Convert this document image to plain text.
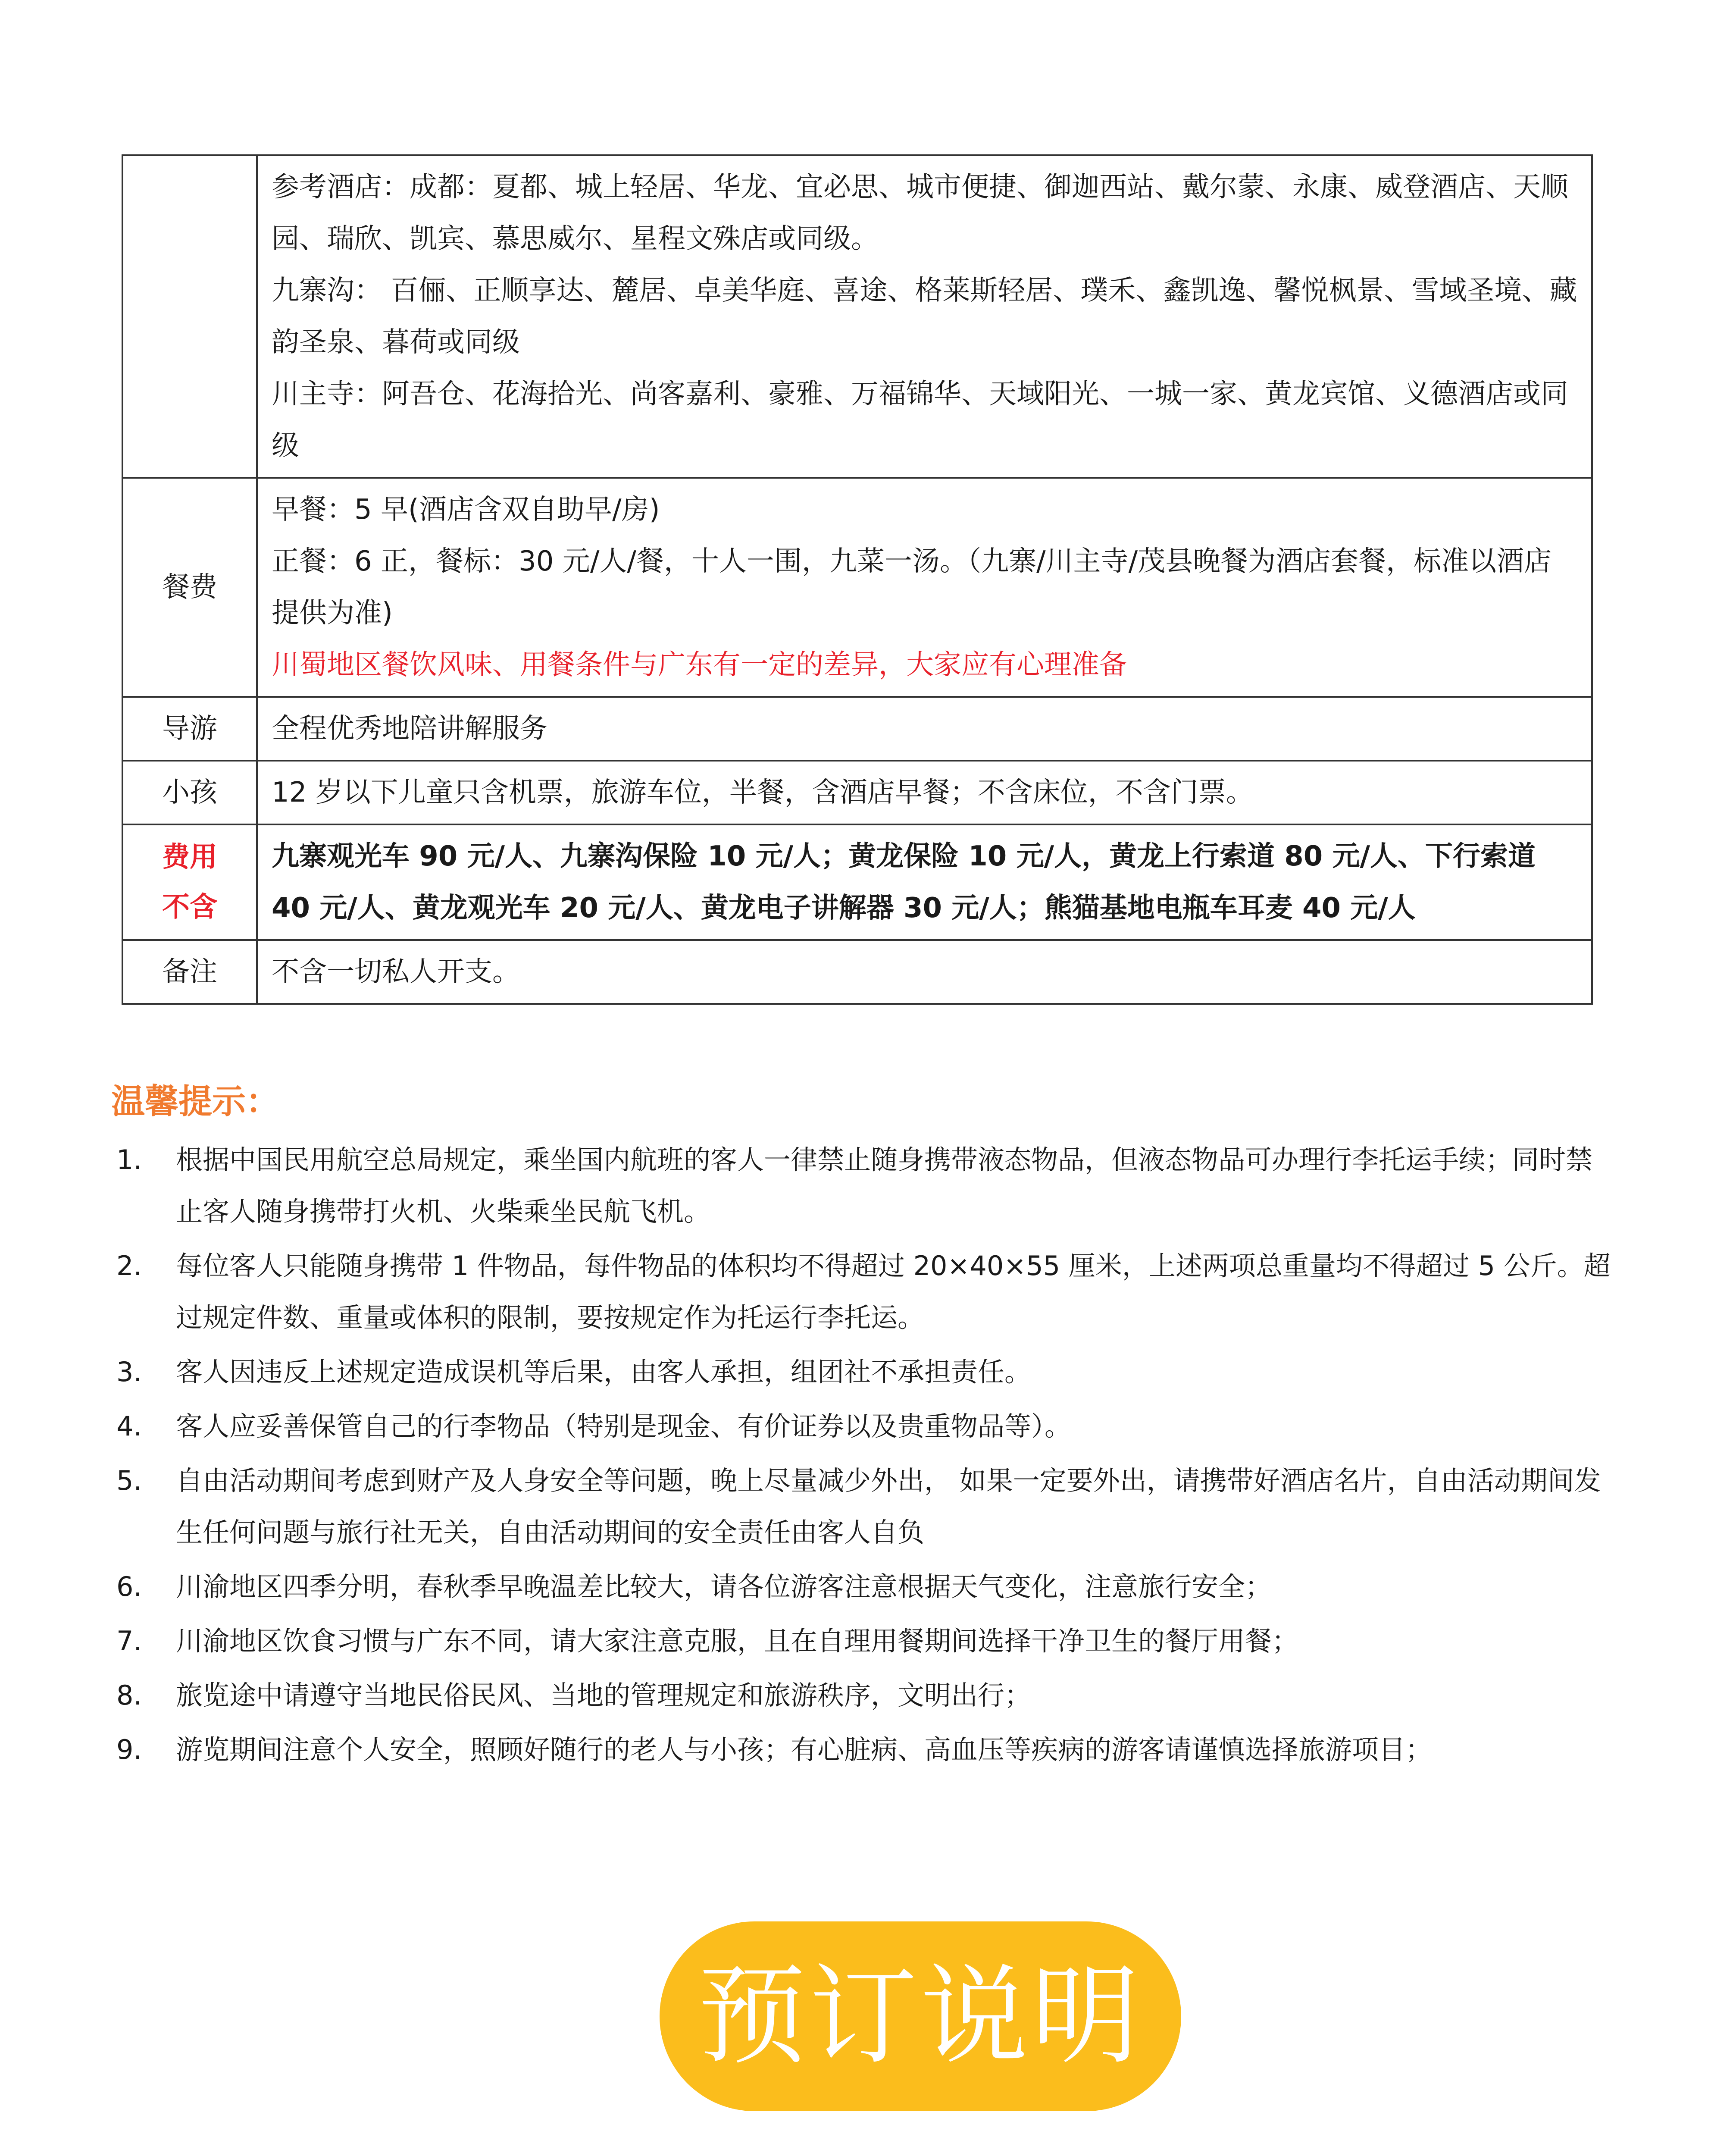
	参考酒店：成都：夏都、城上轻居、华龙、宜必思、城市便捷、御迦西站、戴尔蒙、永康、威登酒店、天顺园、瑞欣、凯宾、慕思威尔、星程文殊店或同级。

九寨沟： 百俪、正顺享达、麓居、卓美华庭、喜途、格莱斯轻居、璞禾、鑫凯逸、馨悦枫景、雪域圣境、藏韵圣泉、暮荷或同级

川主寺：阿吾仓、花海拾光、尚客嘉利、豪雅、万福锦华、天域阳光、一城一家、黄龙宾馆、义德酒店或同级

餐费	早餐：5 早(酒店含双自助早/房)

正餐：6 正，餐标：30 元/人/餐，十人一围，九菜一汤。（九寨/川主寺/茂县晚餐为酒店套餐，标准以酒店提供为准)

川蜀地区餐饮风味、用餐条件与广东有一定的差异，大家应有心理准备

导游	全程优秀地陪讲解服务
小孩	12 岁以下儿童只含机票，旅游车位，半餐，含酒店早餐；不含床位，不含门票。
费用
不含	九寨观光车 90 元/人、九寨沟保险 10 元/人；黄龙保险 10 元/人，黄龙上行索道 80 元/人、下行索道 40 元/人、黄龙观光车 20 元/人、黄龙电子讲解器 30 元/人；熊猫基地电瓶车耳麦 40 元/人
备注	不含一切私人开支。
温馨提示：
1. 根据中国民用航空总局规定，乘坐国内航班的客人一律禁止随身携带液态物品，但液态物品可办理行李托运手续；同时禁止客人随身携带打火机、火柴乘坐民航飞机。
2. 每位客人只能随身携带 1 件物品，每件物品的体积均不得超过 20×40×55 厘米，上述两项总重量均不得超过 5 公斤。超过规定件数、重量或体积的限制，要按规定作为托运行李托运。
3. 客人因违反上述规定造成误机等后果，由客人承担，组团社不承担责任。
4. 客人应妥善保管自己的行李物品（特别是现金、有价证券以及贵重物品等）。
5. 自由活动期间考虑到财产及人身安全等问题，晚上尽量减少外出， 如果一定要外出，请携带好酒店名片，自由活动期间发生任何问题与旅行社无关，自由活动期间的安全责任由客人自负
6. 川渝地区四季分明，春秋季早晚温差比较大，请各位游客注意根据天气变化，注意旅行安全；
7. 川渝地区饮食习惯与广东不同，请大家注意克服，且在自理用餐期间选择干净卫生的餐厅用餐；
8. 旅览途中请遵守当地民俗民风、当地的管理规定和旅游秩序，文明出行；
9. 游览期间注意个人安全，照顾好随行的老人与小孩；有心脏病、高血压等疾病的游客请谨慎选择旅游项目；
预订说明
